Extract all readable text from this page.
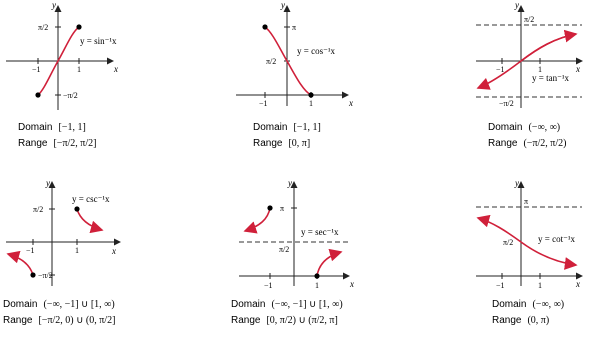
x
y
−1	1
π/2
−π/2
y = sin⁻¹x
Domain [−1, 1]
Range [−π/2, π/2]
x
y
−1	1
π
π/2
y = cos⁻¹x
Domain [−1, 1]
Range [0, π]
x
y
−1	1
π/2
−π/2
y = tan⁻¹x
Domain (−∞, ∞)
Range (−π/2, π/2)
x
y
−1	1
π/2
−π/2
y = csc⁻¹x
Domain (−∞, −1] ∪ [1, ∞)
Range [−π/2, 0) ∪ (0, π/2]
x
y
−1	1
π
π/2
y = sec⁻¹x
Domain (−∞, −1] ∪ [1, ∞)
Range [0, π/2) ∪ (π/2, π]
x
y
−1	1
π
π/2	y = cot⁻¹x
Domain (−∞, ∞)
Range (0, π)
